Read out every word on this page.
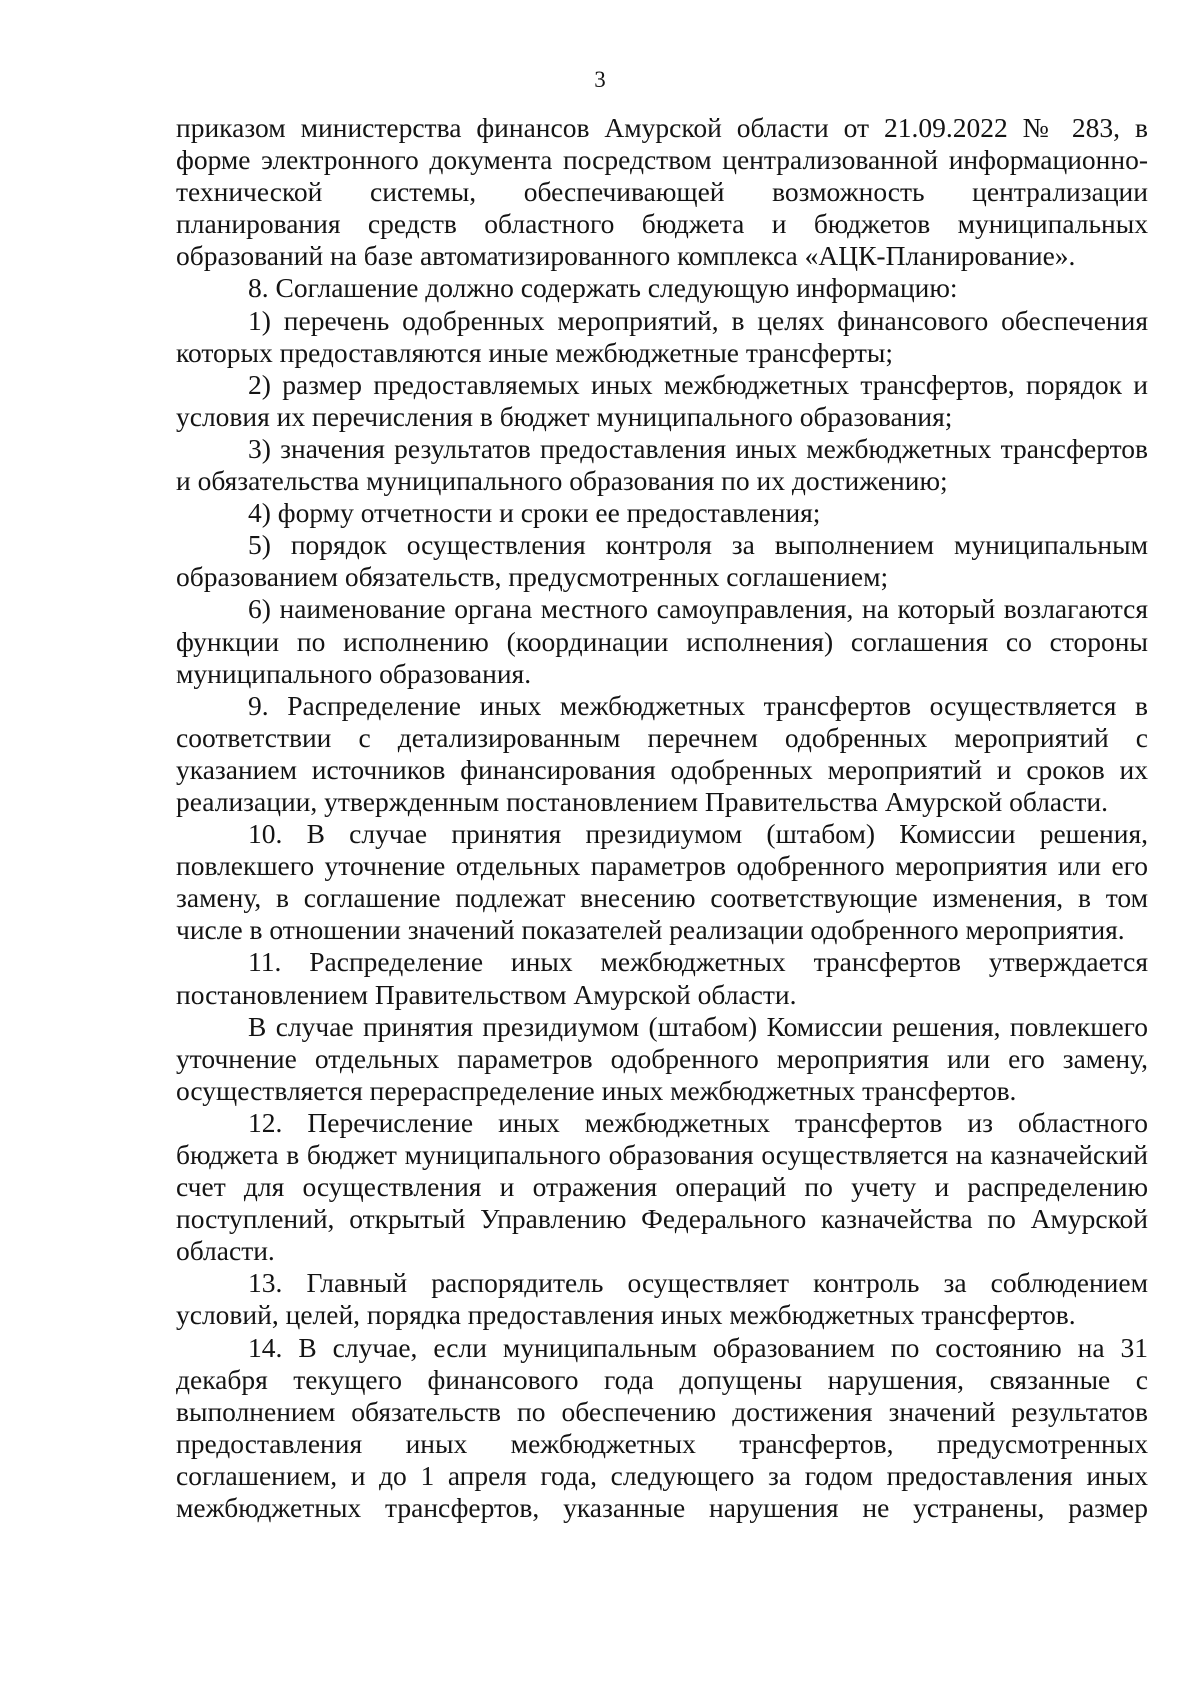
3

приказом министерства финансов Амурской области от 21.09.2022 № 283, в форме электронного документа посредством централизованной информационно-технической системы, обеспечивающей возможность централизации планирования средств областного бюджета и бюджетов муниципальных образований на базе автоматизированного комплекса «АЦК-Планирование».

8. Соглашение должно содержать следующую информацию:

1) перечень одобренных мероприятий, в целях финансового обеспечения которых предоставляются иные межбюджетные трансферты;

2) размер предоставляемых иных межбюджетных трансфертов, порядок и условия их перечисления в бюджет муниципального образования;

3) значения результатов предоставления иных межбюджетных трансфертов и обязательства муниципального образования по их достижению;

4) форму отчетности и сроки ее предоставления;

5) порядок осуществления контроля за выполнением муниципальным образованием обязательств, предусмотренных соглашением;

6) наименование органа местного самоуправления, на который возлагаются функции по исполнению (координации исполнения) соглашения со стороны муниципального образования.

9. Распределение иных межбюджетных трансфертов осуществляется в соответствии с детализированным перечнем одобренных мероприятий с указанием источников финансирования одобренных мероприятий и сроков их реализации, утвержденным постановлением Правительства Амурской области.

10. В случае принятия президиумом (штабом) Комиссии решения, повлекшего уточнение отдельных параметров одобренного мероприятия или его замену, в соглашение подлежат внесению соответствующие изменения, в том числе в отношении значений показателей реализации одобренного мероприятия.

11. Распределение иных межбюджетных трансфертов утверждается постановлением Правительством Амурской области.

В случае принятия президиумом (штабом) Комиссии решения, повлекшего уточнение отдельных параметров одобренного мероприятия или его замену, осуществляется перераспределение иных межбюджетных трансфертов.

12. Перечисление иных межбюджетных трансфертов из областного бюджета в бюджет муниципального образования осуществляется на казначейский счет для осуществления и отражения операций по учету и распределению поступлений, открытый Управлению Федерального казначейства по Амурской области.

13. Главный распорядитель осуществляет контроль за соблюдением условий, целей, порядка предоставления иных межбюджетных трансфертов.

14. В случае, если муниципальным образованием по состоянию на 31 декабря текущего финансового года допущены нарушения, связанные с выполнением обязательств по обеспечению достижения значений результатов предоставления иных межбюджетных трансфертов, предусмотренных соглашением, и до 1 апреля года, следующего за годом предоставления иных межбюджетных трансфертов, указанные нарушения не устранены, размер
